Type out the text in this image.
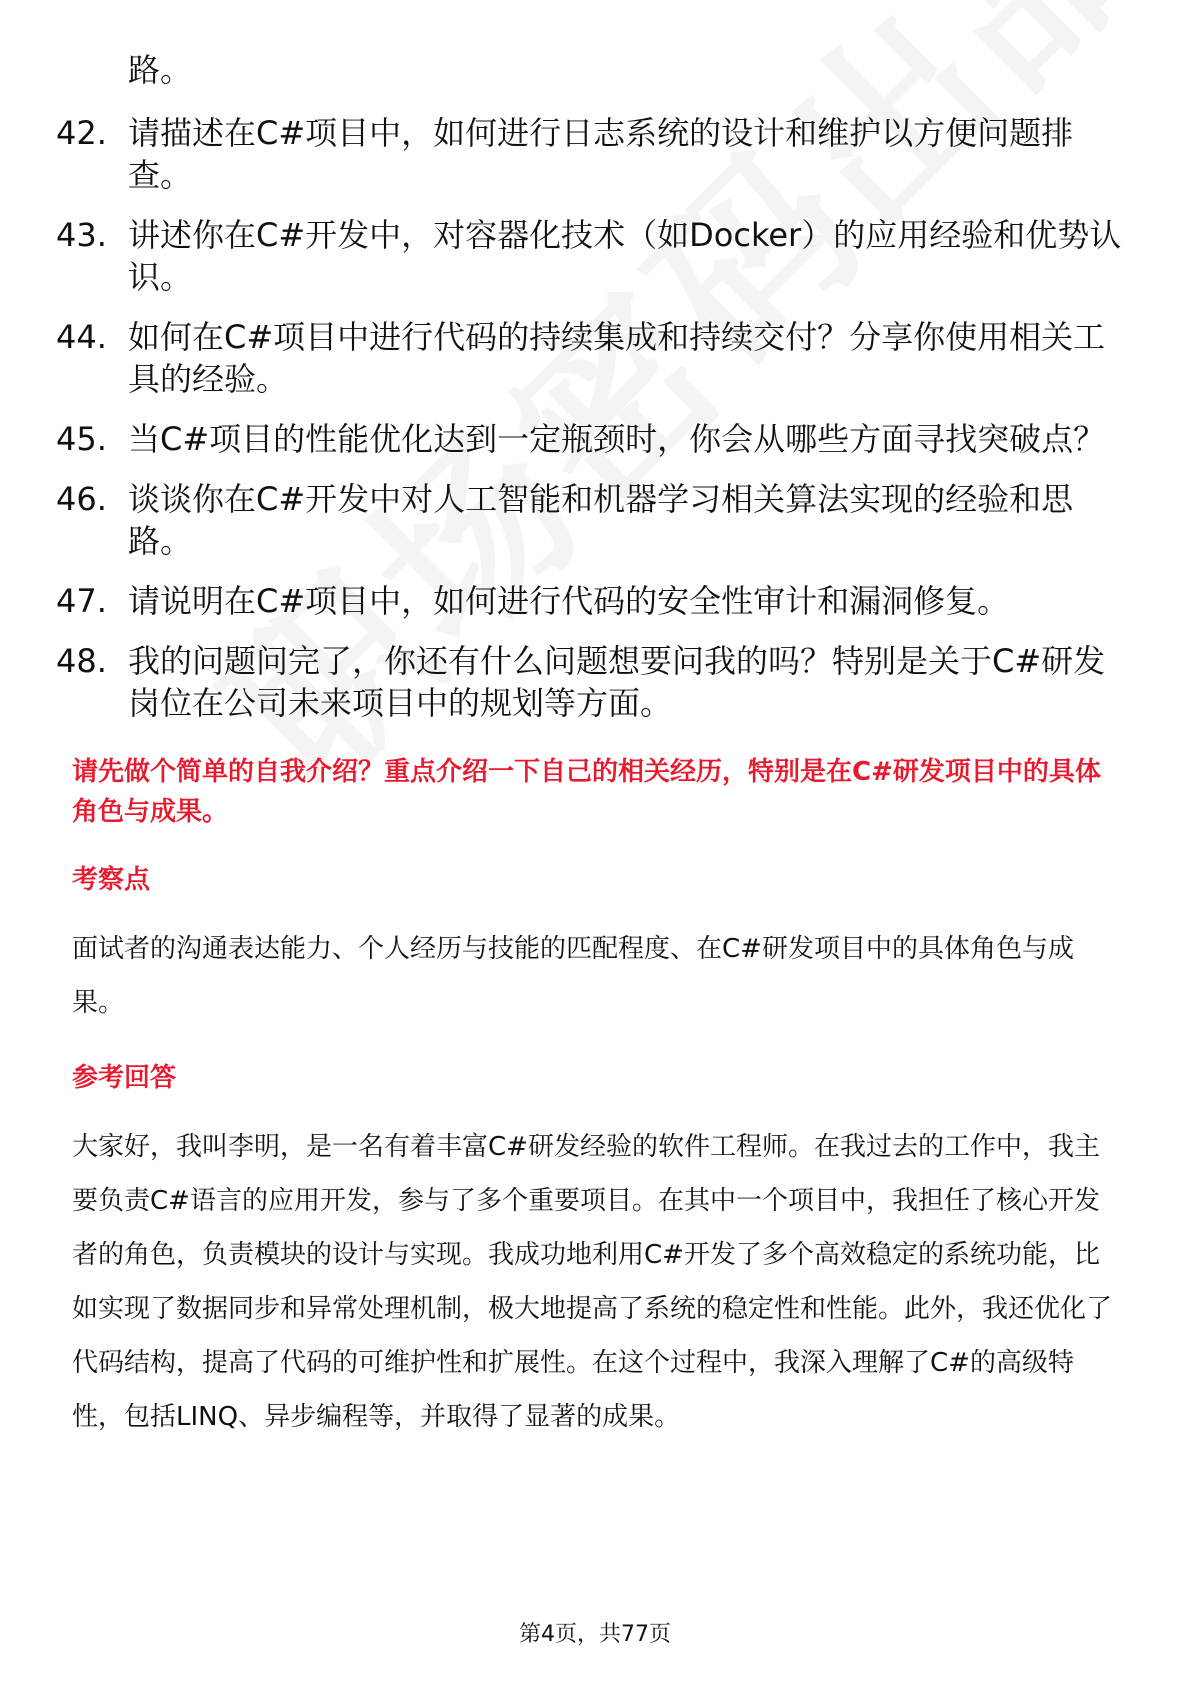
路。
42. 请描述在C#项目中，如何进行日志系统的设计和维护以方便问题排查。
43. 讲述你在C#开发中，对容器化技术（如Docker）的应用经验和优势认识。
44. 如何在C#项目中进行代码的持续集成和持续交付？分享你使用相关工具的经验。
45. 当C#项目的性能优化达到一定瓶颈时，你会从哪些方面寻找突破点？
46. 谈谈你在C#开发中对人工智能和机器学习相关算法实现的经验和思路。
47. 请说明在C#项目中，如何进行代码的安全性审计和漏洞修复。
48. 我的问题问完了，你还有什么问题想要问我的吗？特别是关于C#研发岗位在公司未来项目中的规划等方面。
请先做个简单的自我介绍？重点介绍一下自己的相关经历，特别是在C#研发项目中的具体角色与成果。
考察点
面试者的沟通表达能力、个人经历与技能的匹配程度、在C#研发项目中的具体角色与成果。
参考回答
大家好，我叫李明，是一名有着丰富C#研发经验的软件工程师。在我过去的工作中，我主要负责C#语言的应用开发，参与了多个重要项目。在其中一个项目中，我担任了核心开发者的角色，负责模块的设计与实现。我成功地利用C#开发了多个高效稳定的系统功能，比如实现了数据同步和异常处理机制，极大地提高了系统的稳定性和性能。此外，我还优化了代码结构，提高了代码的可维护性和扩展性。在这个过程中，我深入理解了C#的高级特性，包括LINQ、异步编程等，并取得了显著的成果。
第4页，共77页
